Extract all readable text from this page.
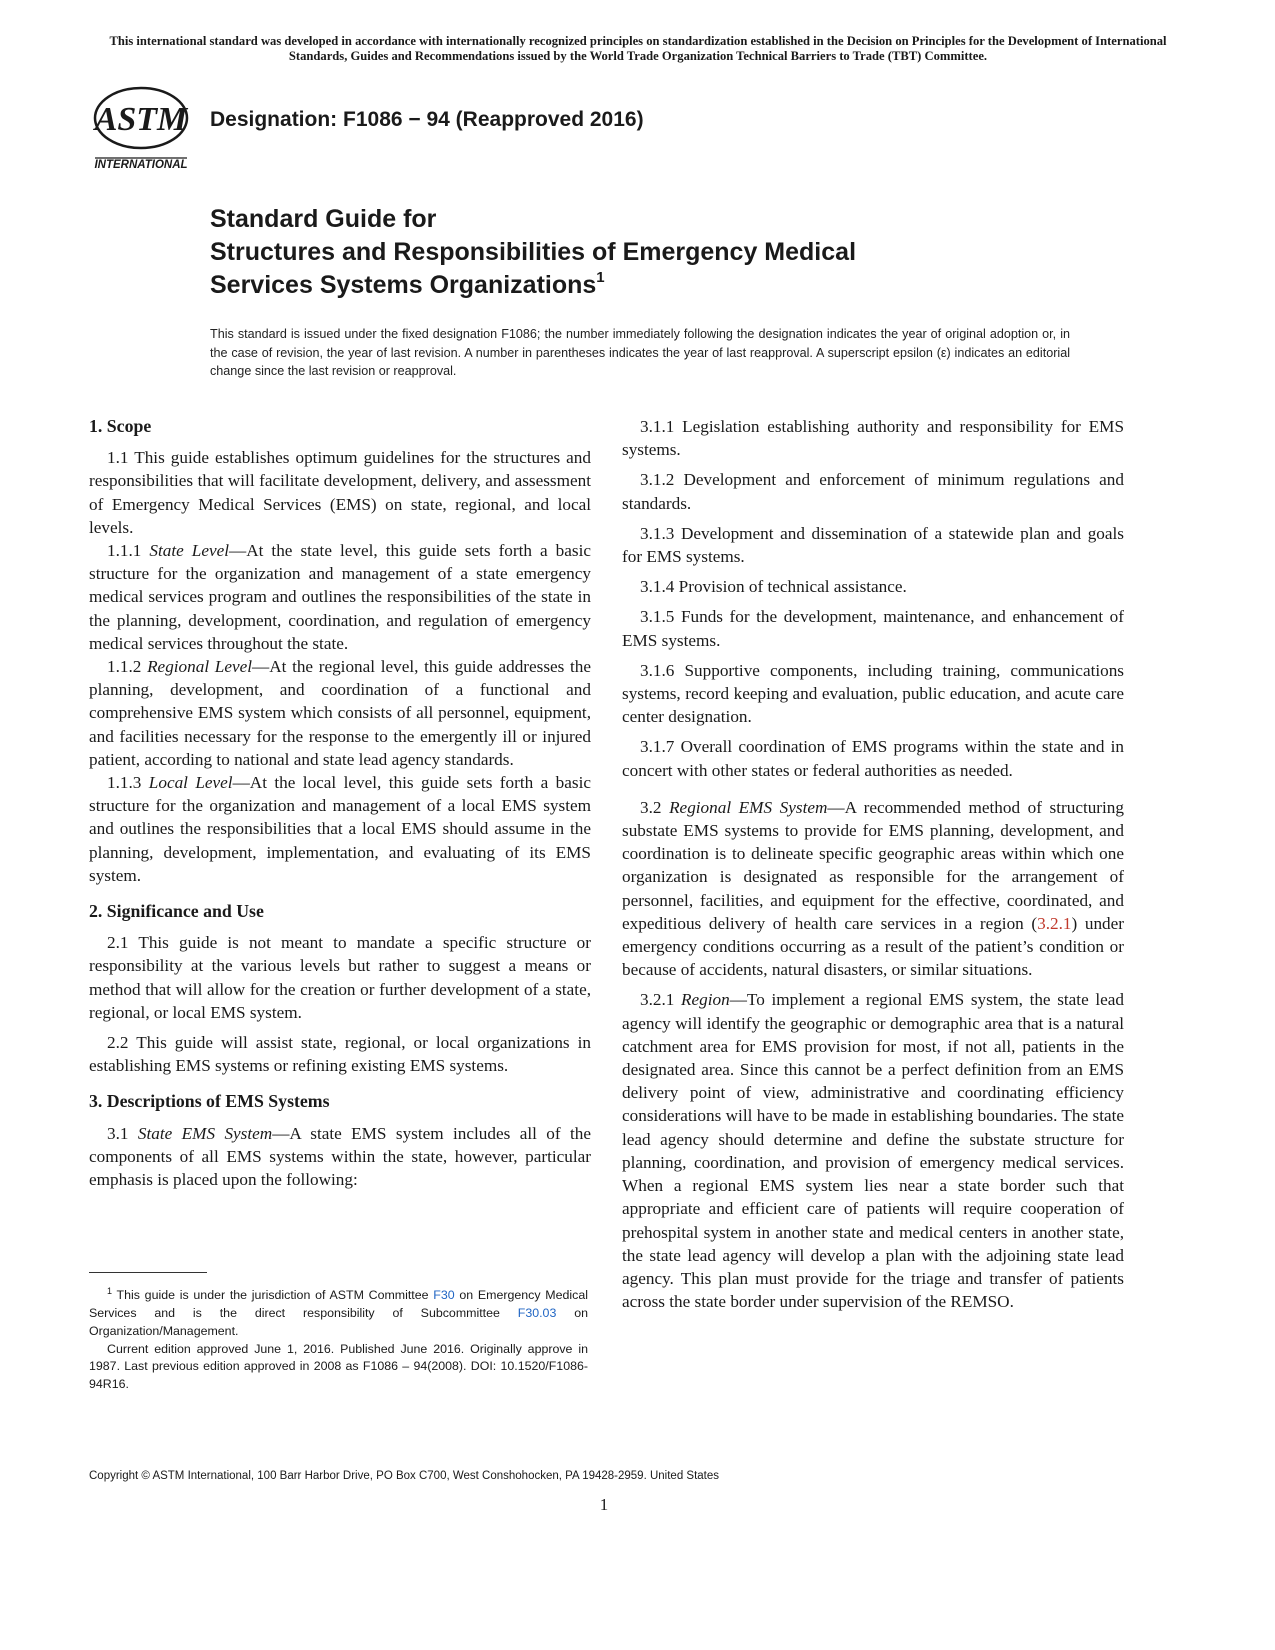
This international standard was developed in accordance with internationally recognized principles on standardization established in the Decision on Principles for the Development of International Standards, Guides and Recommendations issued by the World Trade Organization Technical Barriers to Trade (TBT) Committee.
ASTM
INTERNATIONAL
Designation: F1086 − 94 (Reapproved 2016)
Standard Guide for
Structures and Responsibilities of Emergency Medical
Services Systems Organizations$^1$
This standard is issued under the fixed designation F1086; the number immediately following the designation indicates the year of original adoption or, in the case of revision, the year of last revision. A number in parentheses indicates the year of last reapproval. A superscript epsilon (ε) indicates an editorial change since the last revision or reapproval.
1. Scope

1.1 This guide establishes optimum guidelines for the structures and responsibilities that will facilitate development, delivery, and assessment of Emergency Medical Services (EMS) on state, regional, and local levels.

1.1.1 State Level—At the state level, this guide sets forth a basic structure for the organization and management of a state emergency medical services program and outlines the responsibilities of the state in the planning, development, coordination, and regulation of emergency medical services throughout the state.

1.1.2 Regional Level—At the regional level, this guide addresses the planning, development, and coordination of a functional and comprehensive EMS system which consists of all personnel, equipment, and facilities necessary for the response to the emergently ill or injured patient, according to national and state lead agency standards.

1.1.3 Local Level—At the local level, this guide sets forth a basic structure for the organization and management of a local EMS system and outlines the responsibilities that a local EMS should assume in the planning, development, implementation, and evaluating of its EMS system.

2. Significance and Use

2.1 This guide is not meant to mandate a specific structure or responsibility at the various levels but rather to suggest a means or method that will allow for the creation or further development of a state, regional, or local EMS system.

2.2 This guide will assist state, regional, or local organizations in establishing EMS systems or refining existing EMS systems.

3. Descriptions of EMS Systems

3.1 State EMS System—A state EMS system includes all of the components of all EMS systems within the state, however, particular emphasis is placed upon the following:

3.1.1 Legislation establishing authority and responsibility for EMS systems.

3.1.2 Development and enforcement of minimum regulations and standards.

3.1.3 Development and dissemination of a statewide plan and goals for EMS systems.

3.1.4 Provision of technical assistance.

3.1.5 Funds for the development, maintenance, and enhancement of EMS systems.

3.1.6 Supportive components, including training, communications systems, record keeping and evaluation, public education, and acute care center designation.

3.1.7 Overall coordination of EMS programs within the state and in concert with other states or federal authorities as needed.

3.2 Regional EMS System—A recommended method of structuring substate EMS systems to provide for EMS planning, development, and coordination is to delineate specific geographic areas within which one organization is designated as responsible for the arrangement of personnel, facilities, and equipment for the effective, coordinated, and expeditious delivery of health care services in a region (3.2.1) under emergency conditions occurring as a result of the patient’s condition or because of accidents, natural disasters, or similar situations.

3.2.1 Region—To implement a regional EMS system, the state lead agency will identify the geographic or demographic area that is a natural catchment area for EMS provision for most, if not all, patients in the designated area. Since this cannot be a perfect definition from an EMS delivery point of view, administrative and coordinating efficiency considerations will have to be made in establishing boundaries. The state lead agency should determine and define the substate structure for planning, coordination, and provision of emergency medical services. When a regional EMS system lies near a state border such that appropriate and efficient care of patients will require cooperation of prehospital system in another state and medical centers in another state, the state lead agency will develop a plan with the adjoining state lead agency. This plan must provide for the triage and transfer of patients across the state border under supervision of the REMSO.

$^1$ This guide is under the jurisdiction of ASTM Committee F30 on Emergency Medical Services and is the direct responsibility of Subcommittee F30.03 on Organization/Management.

Current edition approved June 1, 2016. Published June 2016. Originally approve in 1987. Last previous edition approved in 2008 as F1086 – 94(2008). DOI: 10.1520/F1086-94R16.

Copyright © ASTM International, 100 Barr Harbor Drive, PO Box C700, West Conshohocken, PA 19428-2959. United States
1
